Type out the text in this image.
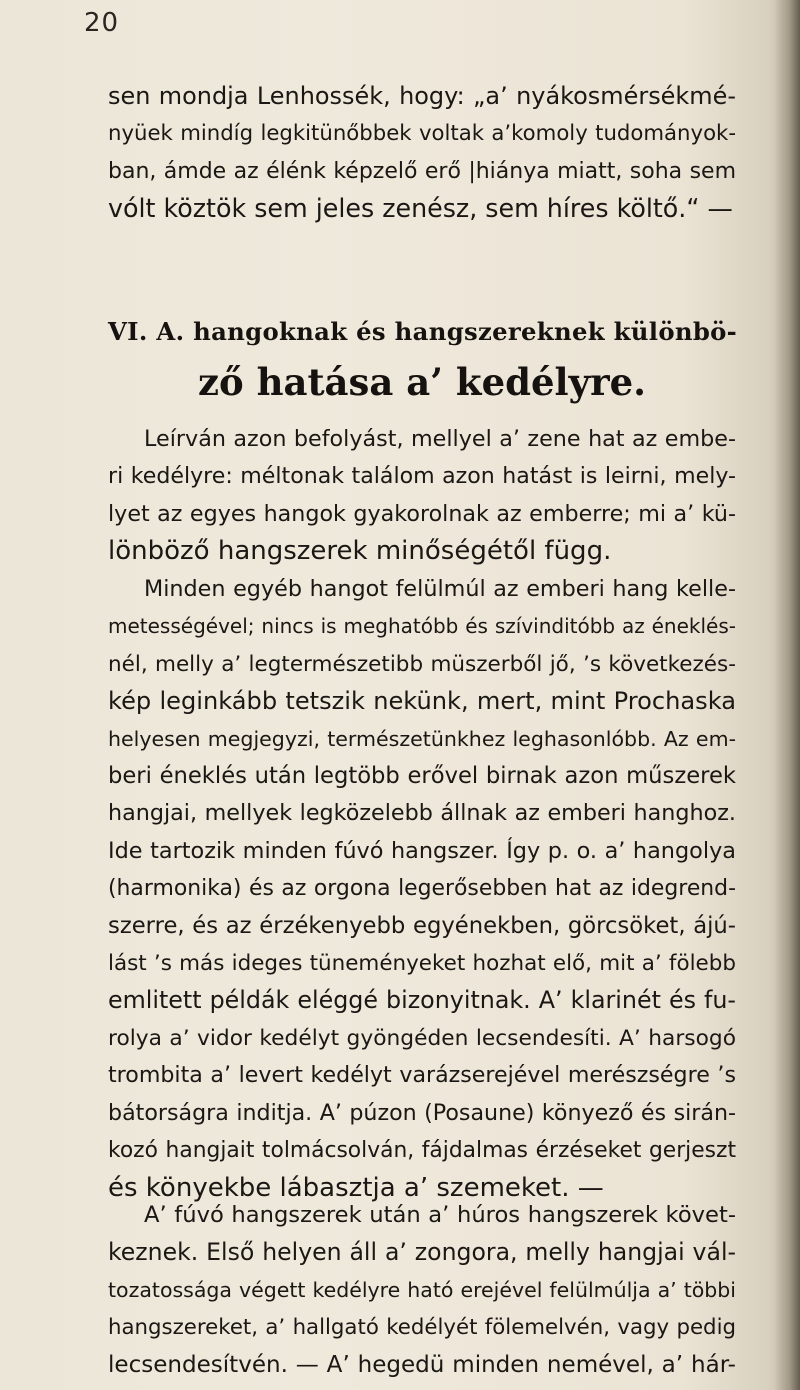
20
sen mondja Lenhossék, hogy: „a’ nyákosmérsékmé-
nyüek mindíg legkitünőbbek voltak a’komoly tudományok-
ban, ámde az élénk képzelő erő |hiánya miatt, soha sem
vólt köztök sem jeles zenész, sem híres költő.“ —
VI. A. hangoknak és hangszereknek különbö-
ző hatása a’ kedélyre.
Leírván azon befolyást, mellyel a’ zene hat az embe-
ri kedélyre: méltonak találom azon hatást is leirni, mely-
lyet az egyes hangok gyakorolnak az emberre; mi a’ kü-
lönböző hangszerek minőségétől függ.
Minden egyéb hangot felülmúl az emberi hang kelle-
metességével; nincs is meghatóbb és szívinditóbb az éneklés-
nél, melly a’ legtermészetibb müszerből jő, ’s következés-
kép leginkább tetszik nekünk, mert, mint Prochaska
helyesen megjegyzi, természetünkhez leghasonlóbb. Az em-
beri éneklés után legtöbb erővel birnak azon műszerek
hangjai, mellyek legközelebb állnak az emberi hanghoz.
Ide tartozik minden fúvó hangszer. Így p. o. a’ hangolya
(harmonika) és az orgona legerősebben hat az idegrend-
szerre, és az érzékenyebb egyénekben, görcsöket, ájú-
lást ’s más ideges tüneményeket hozhat elő, mit a’ fölebb
emlitett példák eléggé bizonyitnak. A’ klarinét és fu-
rolya a’ vidor kedélyt gyöngéden lecsendesíti. A’ harsogó
trombita a’ levert kedélyt varázserejével merészségre ’s
bátorságra inditja. A’ púzon (Posaune) könyező és sirán-
kozó hangjait tolmácsolván, fájdalmas érzéseket gerjeszt
és könyekbe lábasztja a’ szemeket. —
A’ fúvó hangszerek után a’ húros hangszerek követ-
keznek. Első helyen áll a’ zongora, melly hangjai vál-
tozatossága végett kedélyre ható erejével felülmúlja a’ többi
hangszereket, a’ hallgató kedélyét fölemelvén, vagy pedig
lecsendesítvén. — A’ hegedü minden nemével, a’ hár-
